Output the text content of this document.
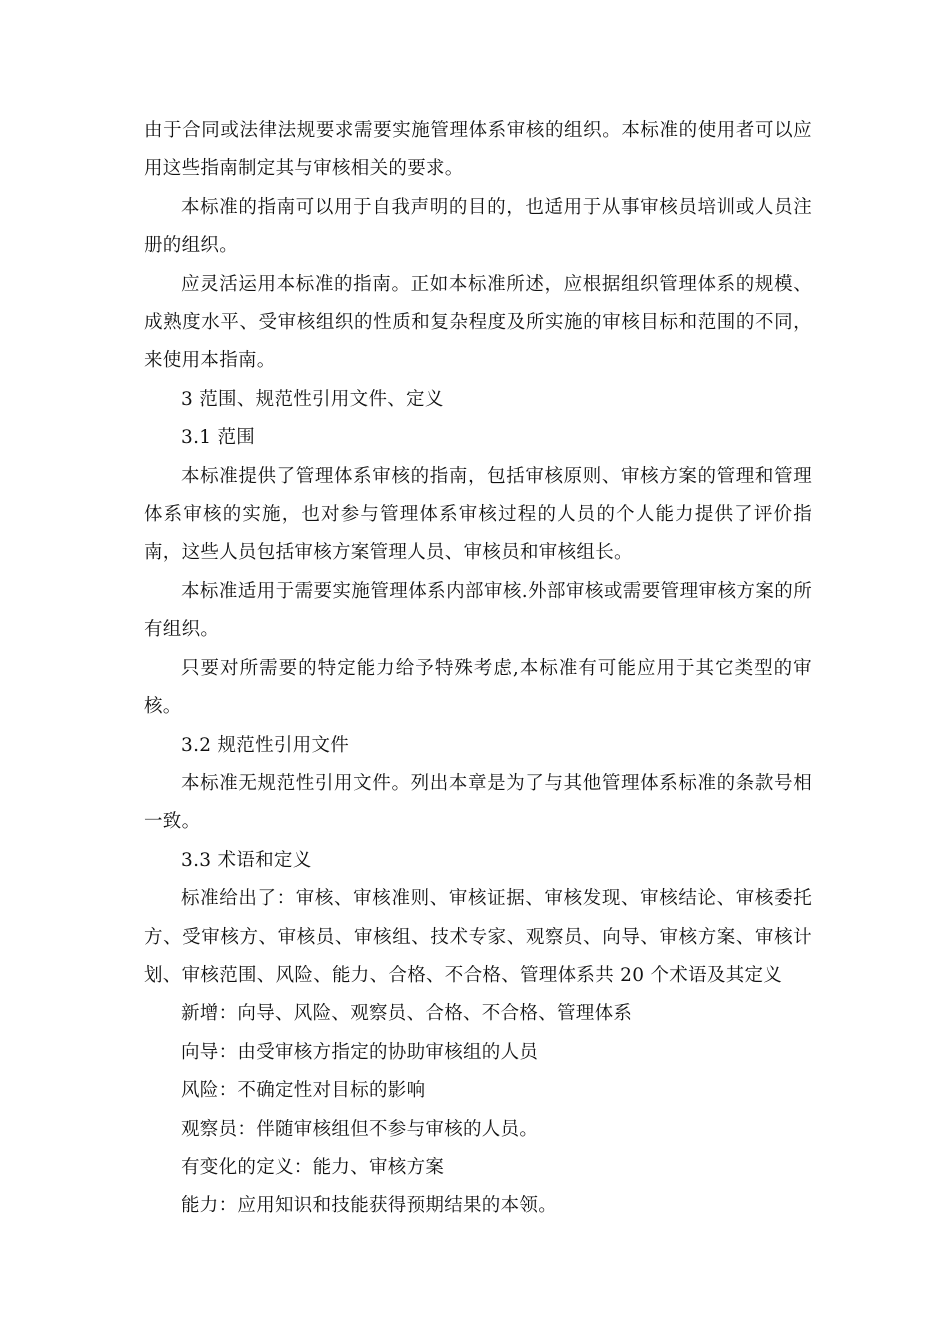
由于合同或法律法规要求需要实施管理体系审核的组织。本标准的使用者可以应用这些指南制定其与审核相关的要求。

本标准的指南可以用于自我声明的目的，也适用于从事审核员培训或人员注册的组织。

应灵活运用本标准的指南。正如本标准所述，应根据组织管理体系的规模、成熟度水平、受审核组织的性质和复杂程度及所实施的审核目标和范围的不同，来使用本指南。

3 范围、规范性引用文件、定义

3.1 范围

本标准提供了管理体系审核的指南，包括审核原则、审核方案的管理和管理体系审核的实施，也对参与管理体系审核过程的人员的个人能力提供了评价指南，这些人员包括审核方案管理人员、审核员和审核组长。

本标准适用于需要实施管理体系内部审核.外部审核或需要管理审核方案的所有组织。

只要对所需要的特定能力给予特殊考虑,本标准有可能应用于其它类型的审核。

3.2 规范性引用文件

本标准无规范性引用文件。列出本章是为了与其他管理体系标准的条款号相一致。

3.3 术语和定义

标准给出了：审核、审核准则、审核证据、审核发现、审核结论、审核委托方、受审核方、审核员、审核组、技术专家、观察员、向导、审核方案、审核计划、审核范围、风险、能力、合格、不合格、管理体系共 20 个术语及其定义

新增：向导、风险、观察员、合格、不合格、管理体系

向导：由受审核方指定的协助审核组的人员

风险：不确定性对目标的影响

观察员：伴随审核组但不参与审核的人员。

有变化的定义：能力、审核方案

能力：应用知识和技能获得预期结果的本领。
